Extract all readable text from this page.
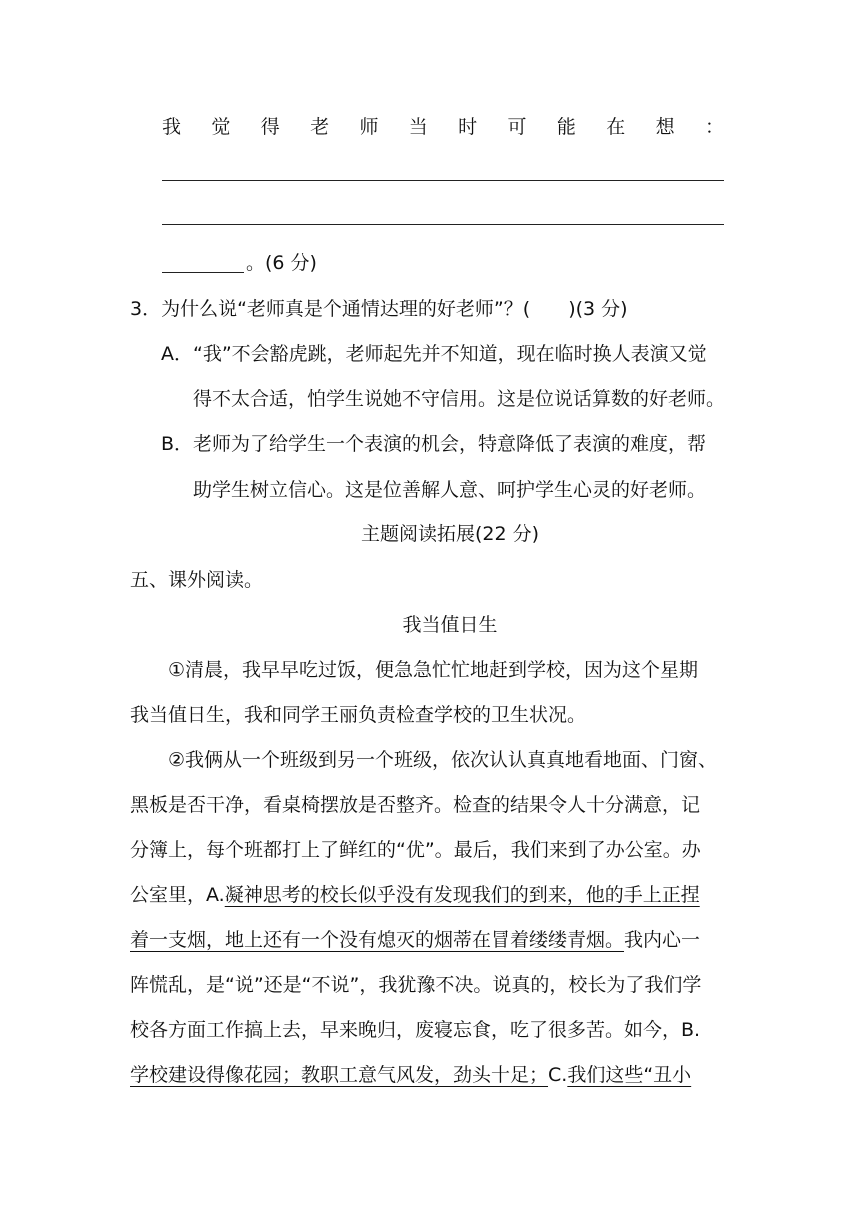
我 觉 得 老 师 当 时 可 能 在 想 ：
。(6 分)
3．为什么说“老师真是个通情达理的好老师”？(　　)(3 分)
A．“我”不会豁虎跳，老师起先并不知道，现在临时换人表演又觉
得不太合适，怕学生说她不守信用。这是位说话算数的好老师。
B．老师为了给学生一个表演的机会，特意降低了表演的难度，帮
助学生树立信心。这是位善解人意、呵护学生心灵的好老师。
主题阅读拓展(22 分)
五、课外阅读。
我当值日生
①清晨，我早早吃过饭，便急急忙忙地赶到学校，因为这个星期
我当值日生，我和同学王丽负责检查学校的卫生状况。
②我俩从一个班级到另一个班级，依次认认真真地看地面、门窗、
黑板是否干净，看桌椅摆放是否整齐。检查的结果令人十分满意，记
分簿上，每个班都打上了鲜红的“优”。最后，我们来到了办公室。办
公室里，A.凝神思考的校长似乎没有发现我们的到来，他的手上正捏
着一支烟，地上还有一个没有熄灭的烟蒂在冒着缕缕青烟。我内心一
阵慌乱，是“说”还是“不说”，我犹豫不决。说真的，校长为了我们学
校各方面工作搞上去，早来晚归，废寝忘食，吃了很多苦。如今，B.
学校建设得像花园；教职工意气风发，劲头十足；C.我们这些“丑小
